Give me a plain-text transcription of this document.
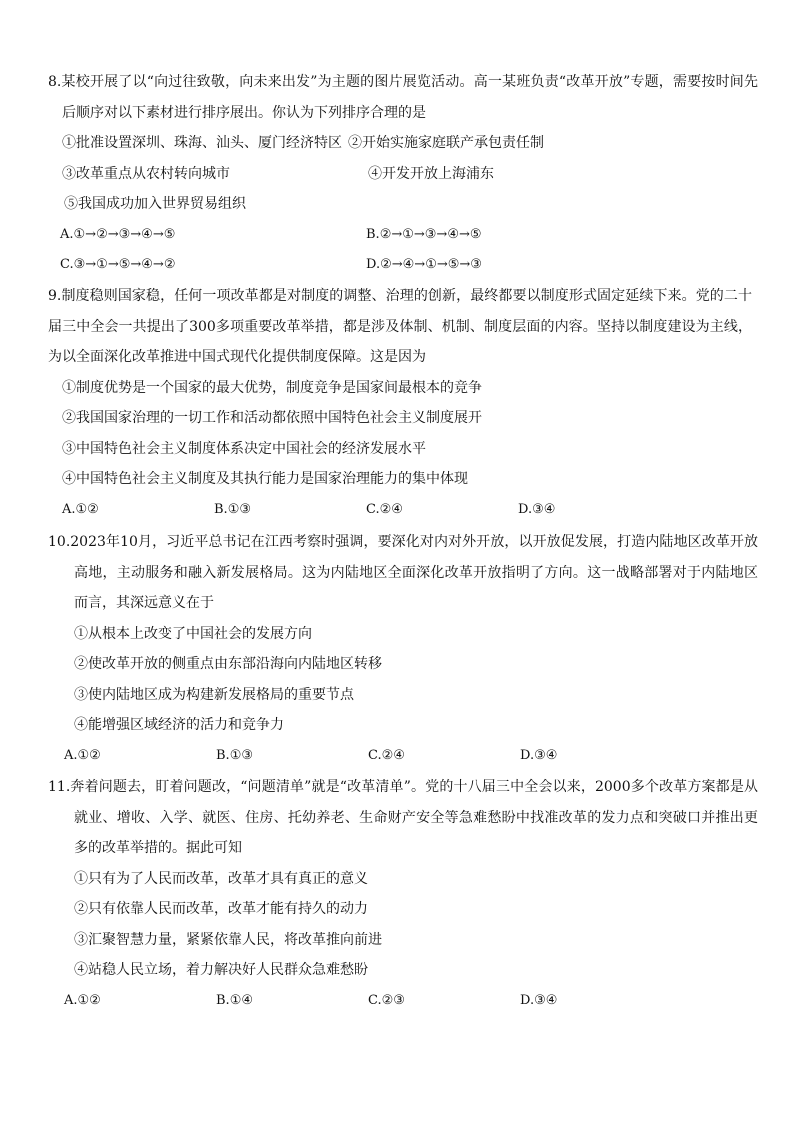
8.某校开展了以“向过往致敬，向未来出发”为主题的图片展览活动。高一某班负责“改革开放”专题，需要按时间先后顺序对以下素材进行排序展出。你认为下列排序合理的是

①批准设置深圳、珠海、汕头、厦门经济特区 ②开始实施家庭联产承包责任制
③改革重点从农村转向城市	④开发开放上海浦东

⑤我国成功加入世界贸易组织

A.①→②→③→④→⑤	B.②→①→③→④→⑤
C.③→①→⑤→④→②	D.②→④→①→⑤→③

9.制度稳则国家稳，任何一项改革都是对制度的调整、治理的创新，最终都要以制度形式固定延续下来。党的二十届三中全会一共提出了300多项重要改革举措，都是涉及体制、机制、制度层面的内容。坚持以制度建设为主线，为以全面深化改革推进中国式现代化提供制度保障。这是因为

①制度优势是一个国家的最大优势，制度竞争是国家间最根本的竞争

②我国国家治理的一切工作和活动都依照中国特色社会主义制度展开

③中国特色社会主义制度体系决定中国社会的经济发展水平

④中国特色社会主义制度及其执行能力是国家治理能力的集中体现

A.①②	B.①③	C.②④	D.③④

10.2023年10月，习近平总书记在江西考察时强调，要深化对内对外开放，以开放促发展，打造内陆地区改革开放高地，主动服务和融入新发展格局。这为内陆地区全面深化改革开放指明了方向。这一战略部署对于内陆地区而言，其深远意义在于

①从根本上改变了中国社会的发展方向

②使改革开放的侧重点由东部沿海向内陆地区转移

③使内陆地区成为构建新发展格局的重要节点

④能增强区域经济的活力和竞争力

A.①②	B.①③	C.②④	D.③④

11.奔着问题去，盯着问题改，“问题清单”就是“改革清单”。党的十八届三中全会以来，2000多个改革方案都是从就业、增收、入学、就医、住房、托幼养老、生命财产安全等急难愁盼中找准改革的发力点和突破口并推出更多的改革举措的。据此可知

①只有为了人民而改革，改革才具有真正的意义

②只有依靠人民而改革，改革才能有持久的动力

③汇聚智慧力量，紧紧依靠人民，将改革推向前进

④站稳人民立场，着力解决好人民群众急难愁盼

A.①②	B.①④	C.②③	D.③④
